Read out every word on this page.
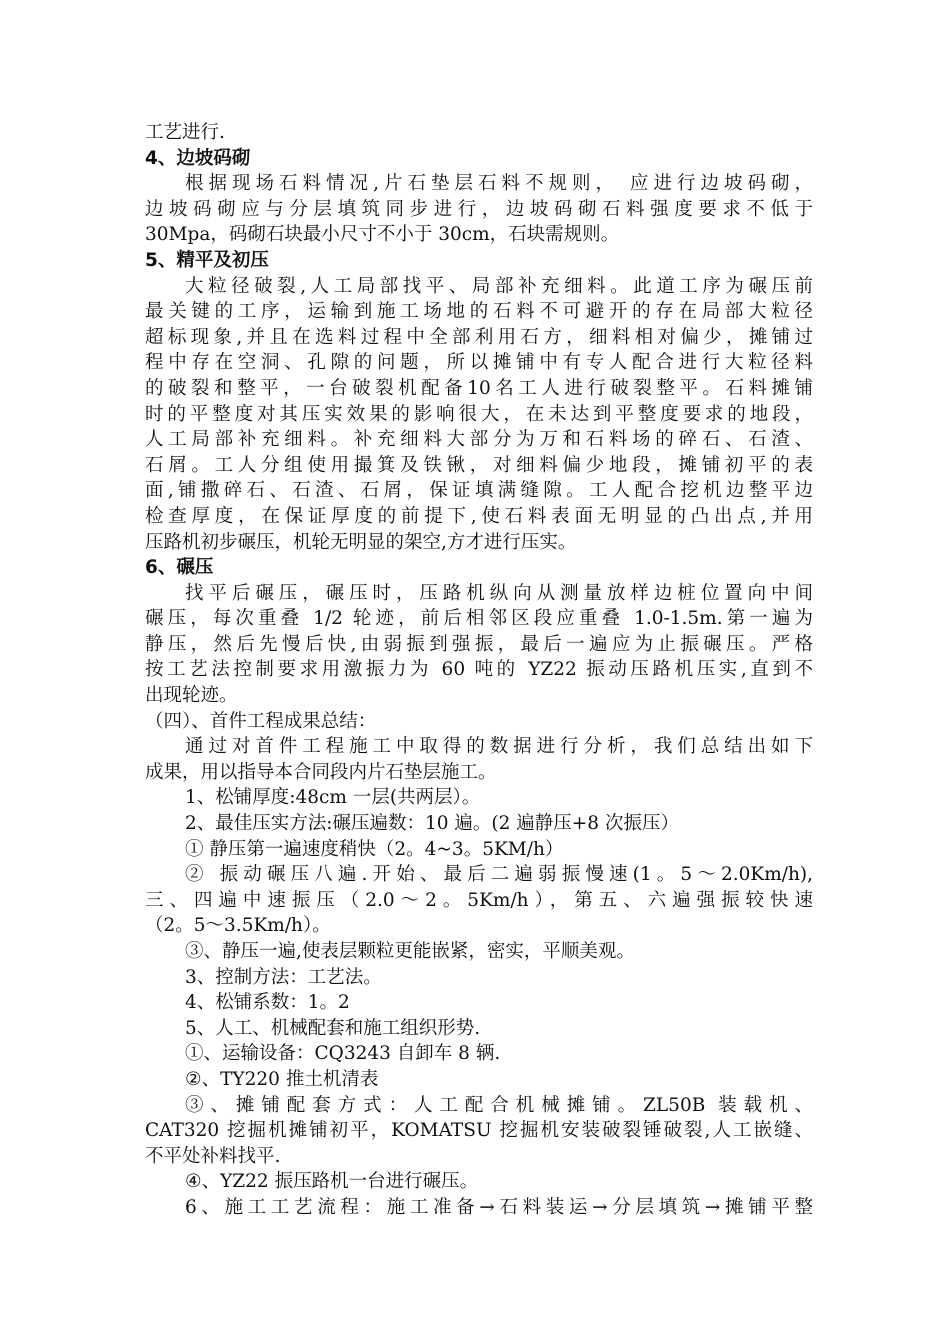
工艺进行.
4、边坡码砌
根据现场石料情况,片石垫层石料不规则， 应进行边坡码砌，
边坡码砌应与分层填筑同步进行，边坡码砌石料强度要求不低于
30Mpa，码砌石块最小尺寸不小于 30cm，石块需规则。
5、精平及初压
大粒径破裂,人工局部找平、局部补充细料。此道工序为碾压前
最关键的工序，运输到施工场地的石料不可避开的存在局部大粒径
超标现象,并且在选料过程中全部利用石方，细料相对偏少，摊铺过
程中存在空洞、孔隙的问题，所以摊铺中有专人配合进行大粒径料
的破裂和整平，一台破裂机配备10名工人进行破裂整平。石料摊铺
时的平整度对其压实效果的影响很大，在未达到平整度要求的地段，
人工局部补充细料。补充细料大部分为万和石料场的碎石、石渣、
石屑。工人分组使用撮箕及铁锹，对细料偏少地段，摊铺初平的表
面,铺撒碎石、石渣、石屑，保证填满缝隙。工人配合挖机边整平边
检查厚度，在保证厚度的前提下,使石料表面无明显的凸出点,并用
压路机初步碾压，机轮无明显的架空,方才进行压实。
6、碾压
找平后碾压，碾压时，压路机纵向从测量放样边桩位置向中间
碾压，每次重叠 1/2 轮迹，前后相邻区段应重叠 1.0-1.5m.第一遍为
静压，然后先慢后快,由弱振到强振，最后一遍应为止振碾压。严格
按工艺法控制要求用激振力为 60 吨的 YZ22 振动压路机压实,直到不
出现轮迹。
（四）、首件工程成果总结：
通过对首件工程施工中取得的数据进行分析，我们总结出如下
成果，用以指导本合同段内片石垫层施工。
1、松铺厚度:48cm 一层(共两层）。
2、最佳压实方法:碾压遍数：10 遍。(2 遍静压+8 次振压）
① 静压第一遍速度稍快（2。4~3。5KM/h）
② 振动碾压八遍.开始、最后二遍弱振慢速(1。5～2.0Km/h),
三、四遍中速振压（2.0～2。5Km/h），第五、六遍强振较快速
（2。5～3.5Km/h）。
③、静压一遍,使表层颗粒更能嵌紧，密实，平顺美观。
3、控制方法：工艺法。
4、松铺系数：1。2
5、人工、机械配套和施工组织形势.
①、运输设备：CQ3243 自卸车 8 辆.
②、TY220 推土机清表
③、摊铺配套方式：人工配合机械摊铺。ZL50B 装载机、
CAT320 挖掘机摊铺初平，KOMATSU 挖掘机安装破裂锤破裂,人工嵌缝、
不平处补料找平.
④、YZ22 振压路机一台进行碾压。
6、施工工艺流程：施工准备→石料装运→分层填筑→摊铺平整
